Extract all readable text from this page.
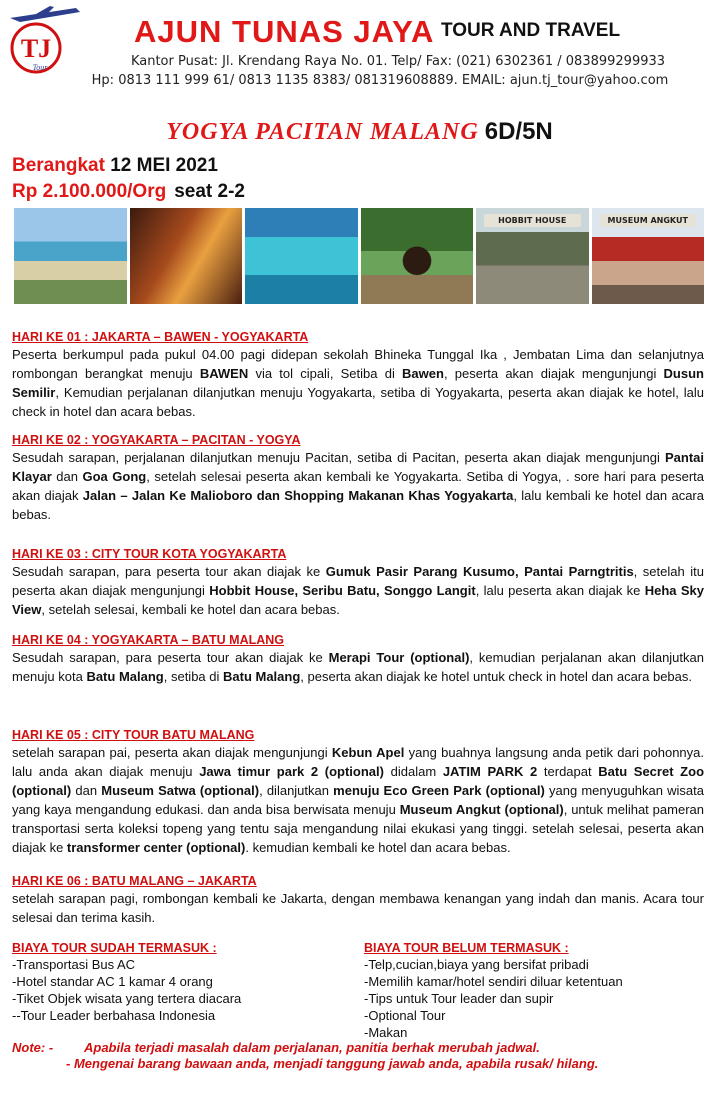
TJ
Tour
AJUN TUNAS JAYA TOUR AND TRAVEL
Kantor Pusat: Jl. Krendang Raya No. 01. Telp/ Fax: (021) 6302361 / 083899299933
Hp: 0813 111 999 61/ 0813 1135 8383/ 081319608889. EMAIL: ajun.tj_tour@yahoo.com
YOGYA PACITAN MALANG 6D/5N
Berangkat 12 MEI 2021
Rp 2.100.000/Org seat 2-2
HOBBIT HOUSE	MUSEUM ANGKUT
HARI KE 01 : JAKARTA – BAWEN - YOGYAKARTA

Peserta berkumpul pada pukul 04.00 pagi didepan sekolah Bhineka Tunggal Ika , Jembatan Lima dan selanjutnya rombongan berangkat menuju BAWEN via tol cipali, Setiba di Bawen, peserta akan diajak mengunjungi Dusun Semilir, Kemudian perjalanan dilanjutkan menuju Yogyakarta, setiba di Yogyakarta, peserta akan diajak ke hotel, lalu check in hotel dan acara bebas.

HARI KE 02 : YOGYAKARTA – PACITAN - YOGYA

Sesudah sarapan, perjalanan dilanjutkan menuju Pacitan, setiba di Pacitan, peserta akan diajak mengunjungi Pantai Klayar dan Goa Gong, setelah selesai peserta akan kembali ke Yogyakarta. Setiba di Yogya, . sore hari para peserta akan diajak Jalan – Jalan Ke Malioboro dan Shopping Makanan Khas Yogyakarta, lalu kembali ke hotel dan acara bebas.

HARI KE 03 : CITY TOUR KOTA YOGYAKARTA

Sesudah sarapan, para peserta tour akan diajak ke Gumuk Pasir Parang Kusumo, Pantai Parngtritis, setelah itu peserta akan diajak mengunjungi Hobbit House, Seribu Batu, Songgo Langit, lalu peserta akan diajak ke Heha Sky View, setelah selesai, kembali ke hotel dan acara bebas.

HARI KE 04 : YOGYAKARTA – BATU MALANG

Sesudah sarapan, para peserta tour akan diajak ke Merapi Tour (optional), kemudian perjalanan akan dilanjutkan menuju kota Batu Malang, setiba di Batu Malang, peserta akan diajak ke hotel untuk check in hotel dan acara bebas.

HARI KE 05 : CITY TOUR BATU MALANG

setelah sarapan pai, peserta akan diajak mengunjungi Kebun Apel yang buahnya langsung anda petik dari pohonnya. lalu anda akan diajak menuju Jawa timur park 2 (optional) didalam JATIM PARK 2 terdapat Batu Secret Zoo (optional) dan Museum Satwa (optional), dilanjutkan menuju Eco Green Park (optional) yang menyuguhkan wisata yang kaya mengandung edukasi. dan anda bisa berwisata menuju Museum Angkut (optional), untuk melihat pameran transportasi serta koleksi topeng yang tentu saja mengandung nilai ekukasi yang tinggi. setelah selesai, peserta akan diajak ke transformer center (optional). kemudian kembali ke hotel dan acara bebas.

HARI KE 06 : BATU MALANG – JAKARTA

setelah sarapan pagi, rombongan kembali ke Jakarta, dengan membawa kenangan yang indah dan manis. Acara tour selesai dan terima kasih.

BIAYA TOUR SUDAH TERMASUK :
-Transportasi Bus AC
-Hotel standar AC 1 kamar 4 orang
-Tiket Objek wisata yang tertera diacara
--Tour Leader berbahasa Indonesia
BIAYA TOUR BELUM TERMASUK :
-Telp,cucian,biaya yang bersifat pribadi
-Memilih kamar/hotel sendiri diluar ketentuan
-Tips untuk Tour leader dan supir
-Optional Tour
-Makan
Note: - Apabila terjadi masalah dalam perjalanan, panitia berhak merubah jadwal.
- Mengenai barang bawaan anda, menjadi tanggung jawab anda, apabila rusak/ hilang.
